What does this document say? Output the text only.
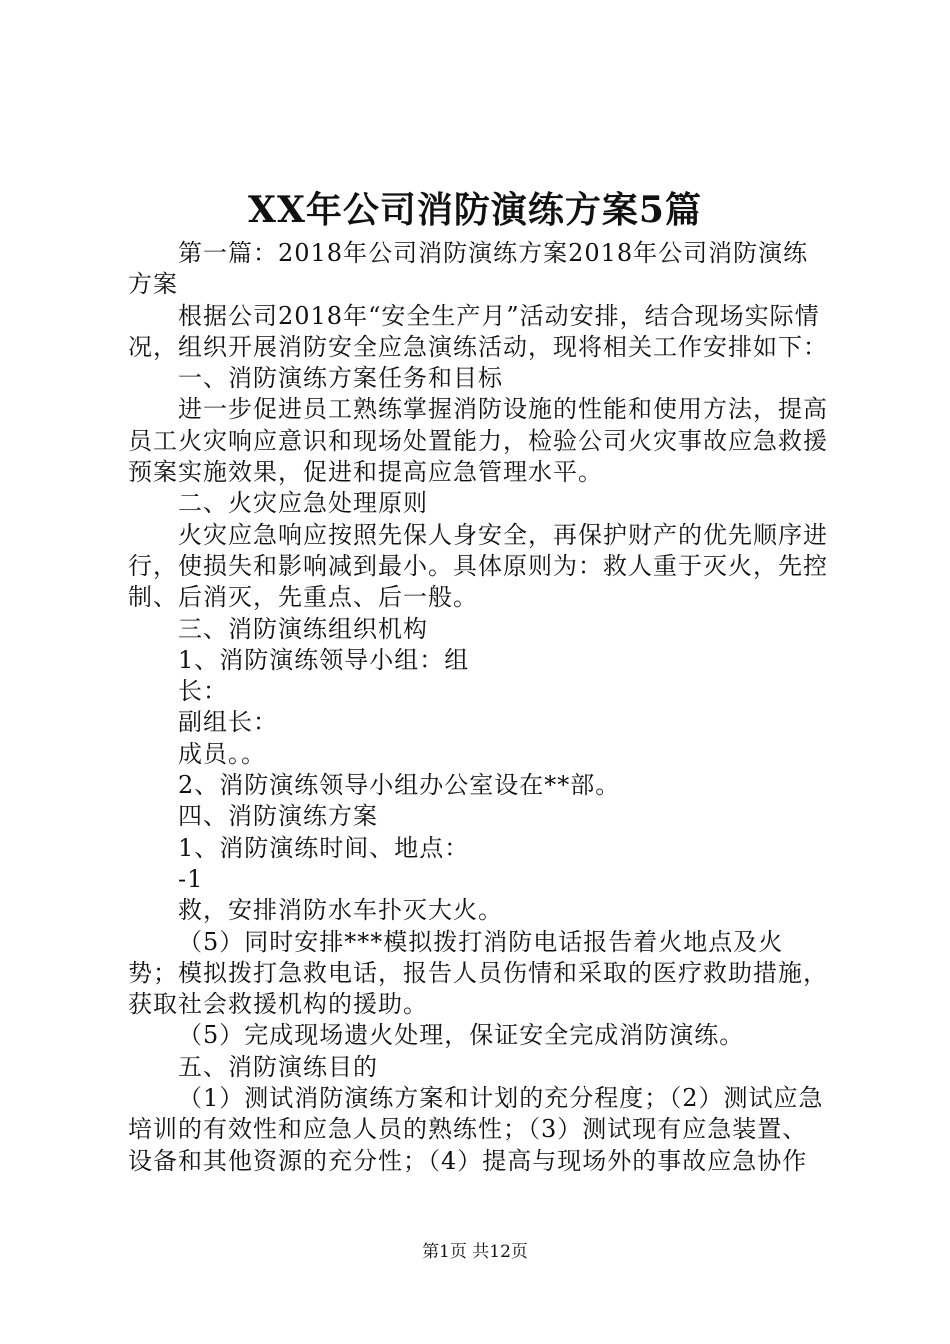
XX年公司消防演练方案5篇

第一篇：2018年公司消防演练方案2018年公司消防演练方案

根据公司2018年“安全生产月”活动安排，结合现场实际情况，组织开展消防安全应急演练活动，现将相关工作安排如下：

一、消防演练方案任务和目标

进一步促进员工熟练掌握消防设施的性能和使用方法，提高员工火灾响应意识和现场处置能力，检验公司火灾事故应急救援预案实施效果，促进和提高应急管理水平。

二、火灾应急处理原则

火灾应急响应按照先保人身安全，再保护财产的优先顺序进行，使损失和影响减到最小。具体原则为：救人重于灭火，先控制、后消灭，先重点、后一般。

三、消防演练组织机构

1、消防演练领导小组：组

长：

副组长：

成员。。

2、消防演练领导小组办公室设在**部。

四、消防演练方案

1、消防演练时间、地点：

-1

救，安排消防水车扑灭大火。

（5）同时安排***模拟拨打消防电话报告着火地点及火势；模拟拨打急救电话，报告人员伤情和采取的医疗救助措施，获取社会救援机构的援助。

（5）完成现场遗火处理，保证安全完成消防演练。

五、消防演练目的

（1）测试消防演练方案和计划的充分程度；（2）测试应急培训的有效性和应急人员的熟练性；（3）测试现有应急装置、设备和其他资源的充分性；（4）提高与现场外的事故应急协作

第1页 共12页
